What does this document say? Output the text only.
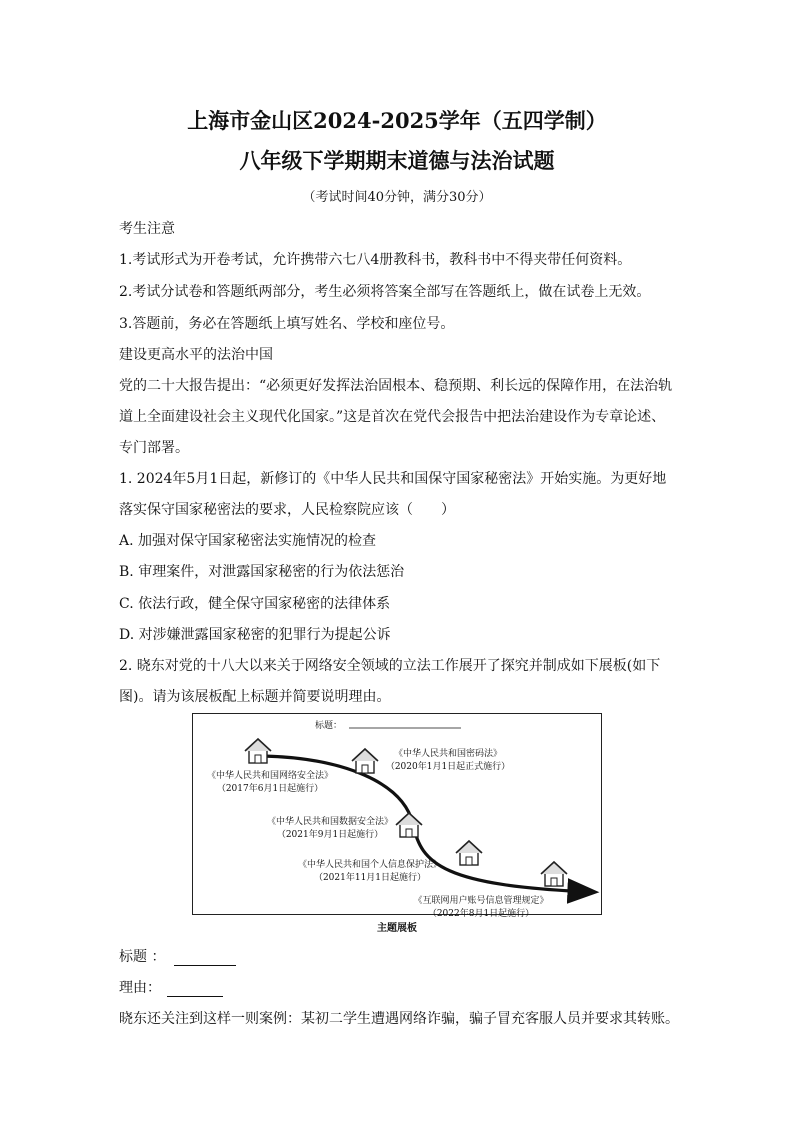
上海市金山区2024-2025学年（五四学制）
八年级下学期期末道德与法治试题
（考试时间40分钟，满分30分）
考生注意
1.考试形式为开卷考试，允许携带六七八4册教科书，教科书中不得夹带任何资料。
2.考试分试卷和答题纸两部分，考生必须将答案全部写在答题纸上，做在试卷上无效。
3.答题前，务必在答题纸上填写姓名、学校和座位号。
建设更高水平的法治中国
党的二十大报告提出：“必须更好发挥法治固根本、稳预期、利长远的保障作用，在法治轨
道上全面建设社会主义现代化国家。”这是首次在党代会报告中把法治建设作为专章论述、
专门部署。
1. 2024年5月1日起，新修订的《中华人民共和国保守国家秘密法》开始实施。为更好地
落实保守国家秘密法的要求，人民检察院应该（　　）
A. 加强对保守国家秘密法实施情况的检查
B. 审理案件，对泄露国家秘密的行为依法惩治
C. 依法行政，健全保守国家秘密的法律体系
D. 对涉嫌泄露国家秘密的犯罪行为提起公诉
2. 晓东对党的十八大以来关于网络安全领域的立法工作展开了探究并制成如下展板(如下
图)。请为该展板配上标题并简要说明理由。
标题：
《中华人民共和国网络安全法》
（2017年6月1日起施行）
《中华人民共和国密码法》
（2020年1月1日起正式施行）
《中华人民共和国数据安全法》
（2021年9月1日起施行）
《中华人民共和国个人信息保护法》
（2021年11月1日起施行）
《互联网用户账号信息管理规定》
（2022年8月1日起施行）
主题展板
标题 ：
理由：
晓东还关注到这样一则案例：某初二学生遭遇网络诈骗，骗子冒充客服人员并要求其转账。
